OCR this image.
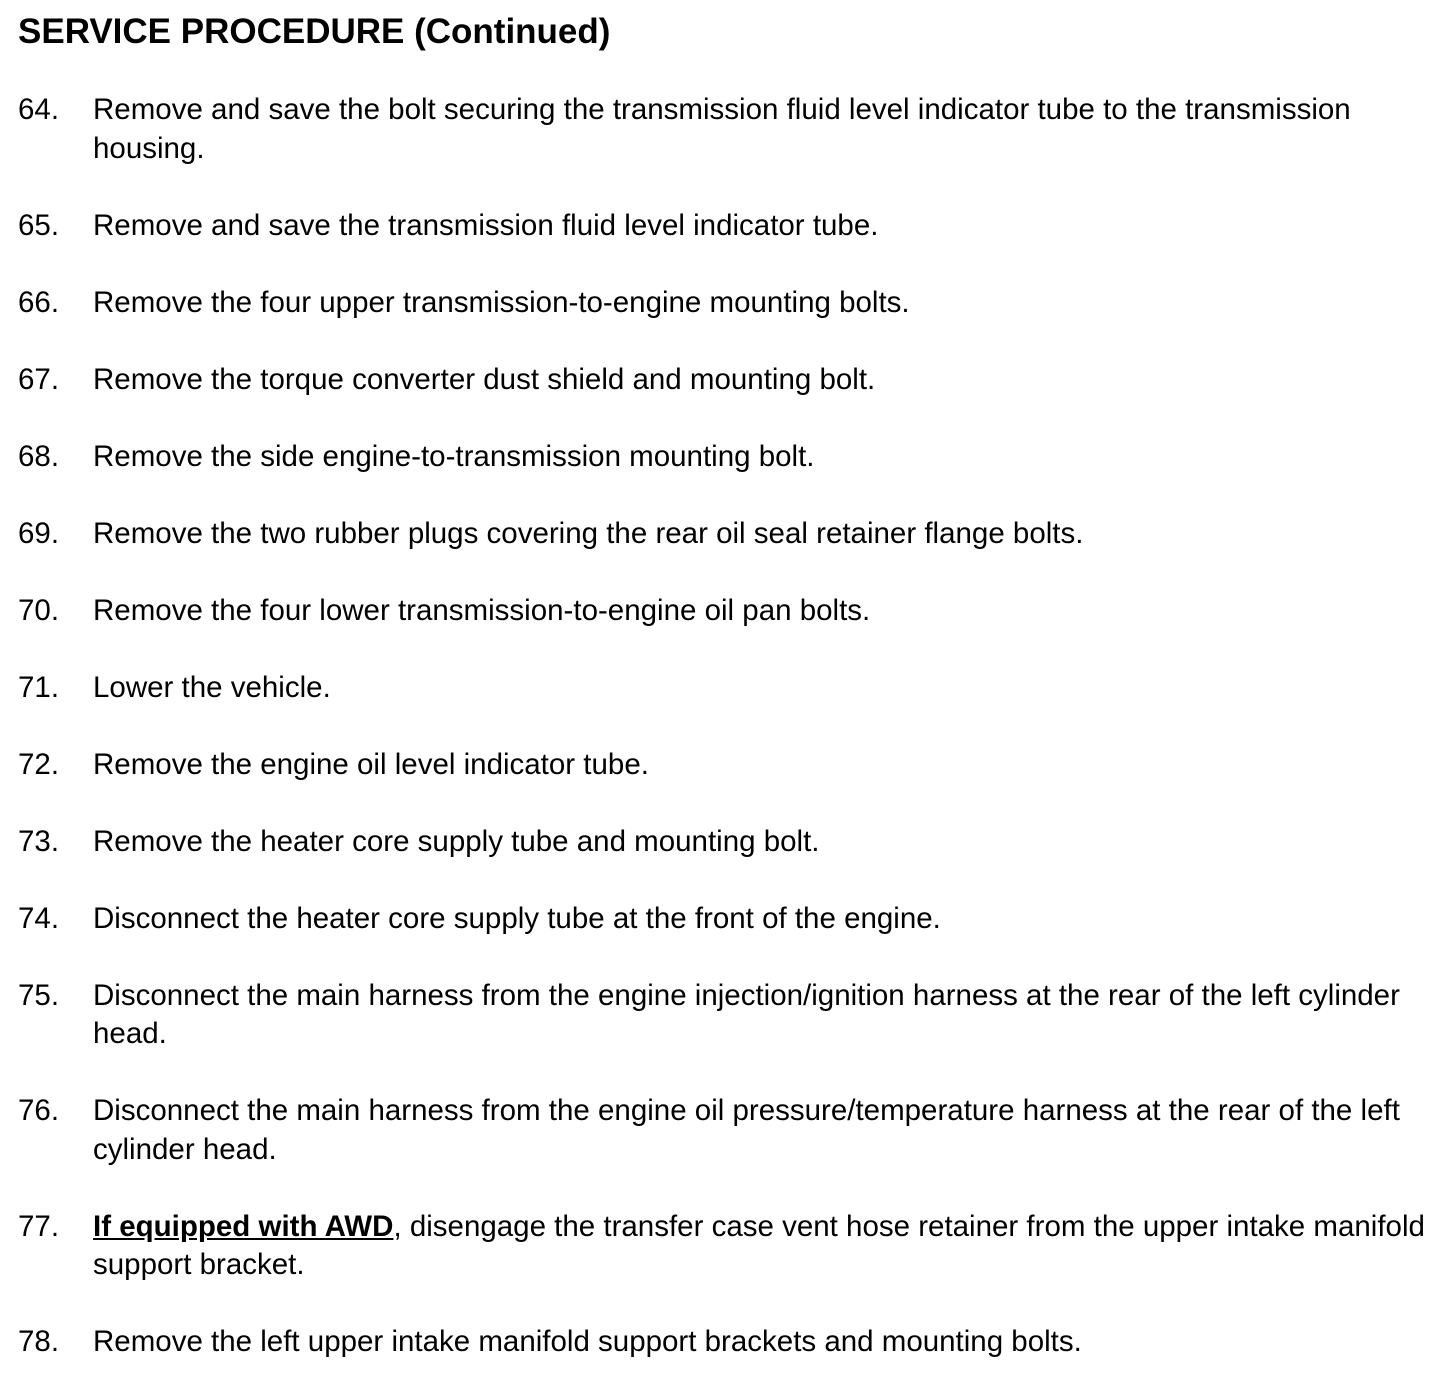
SERVICE PROCEDURE (Continued)
64. Remove and save the bolt securing the transmission fluid level indicator tube to the transmission housing.
65. Remove and save the transmission fluid level indicator tube.
66. Remove the four upper transmission-to-engine mounting bolts.
67. Remove the torque converter dust shield and mounting bolt.
68. Remove the side engine-to-transmission mounting bolt.
69. Remove the two rubber plugs covering the rear oil seal retainer flange bolts.
70. Remove the four lower transmission-to-engine oil pan bolts.
71. Lower the vehicle.
72. Remove the engine oil level indicator tube.
73. Remove the heater core supply tube and mounting bolt.
74. Disconnect the heater core supply tube at the front of the engine.
75. Disconnect the main harness from the engine injection/ignition harness at the rear of the left cylinder head.
76. Disconnect the main harness from the engine oil pressure/temperature harness at the rear of the left cylinder head.
77. If equipped with AWD, disengage the transfer case vent hose retainer from the upper intake manifold support bracket.
78. Remove the left upper intake manifold support brackets and mounting bolts.
